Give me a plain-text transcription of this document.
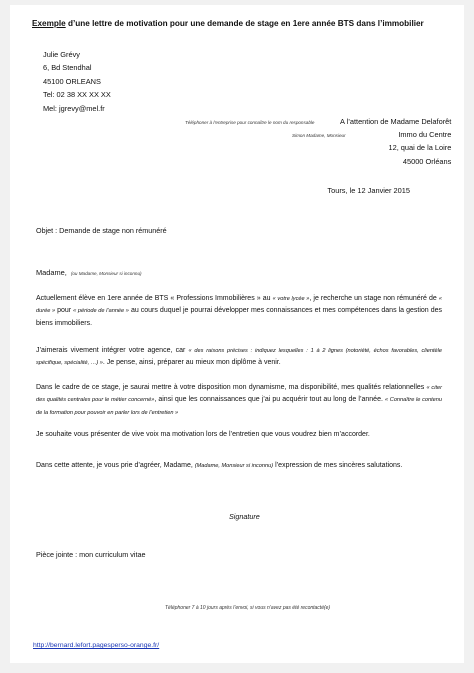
Exemple d’une lettre de motivation pour une demande de stage en 1ere année BTS dans l’immobilier
Julie Grévy
6, Bd Stendhal
45100 ORLEANS
Tel: 02 38 XX XX XX
Mel: jgrevy@mel.fr
Téléphoner à l’entreprise pour connaître le nom du responsable
Simon Madame, Monsieur
A l’attention de Madame Delaforêt
Immo du Centre
12, quai de la Loire
45000 Orléans
Tours, le 12 Janvier 2015
Objet : Demande de stage non rémunéré
Madame, (ou Madame, Monsieur si inconnu)
Actuellement élève en 1ere année de BTS « Professions Immobilières » au « votre lycée », je recherche un stage non rémunéré de « durée » pour « période de l’année » au cours duquel je pourrai développer mes connaissances et mes compétences dans la gestion des biens immobiliers.
J’aimerais vivement intégrer votre agence, car « des raisons précises : indiquez lesquelles : 1 à 2 lignes (notoriété, échos favorables, clientèle spécifique, spécialité, …) ». Je pense, ainsi, préparer au mieux mon diplôme à venir.
Dans le cadre de ce stage, je saurai mettre à votre disposition mon dynamisme, ma disponibilité, mes qualités relationnelles « citer des qualités centrales pour le métier concerné», ainsi que les connaissances que j’ai pu acquérir tout au long de l’année. « Connaître le contenu de la formation pour pouvoir en parler lors de l’entretien »
Je souhaite vous présenter de vive voix ma motivation lors de l’entretien que vous voudrez bien m’accorder.
Dans cette attente, je vous prie d’agréer, Madame, (Madame, Monsieur si inconnu) l’expression de mes sincères salutations.
Signature
Pièce jointe : mon curriculum vitae
Téléphoner 7 à 10 jours après l’envoi, si vous n’avez pas été recontacté(e)
http://bernard.lefort.pagesperso-orange.fr/
